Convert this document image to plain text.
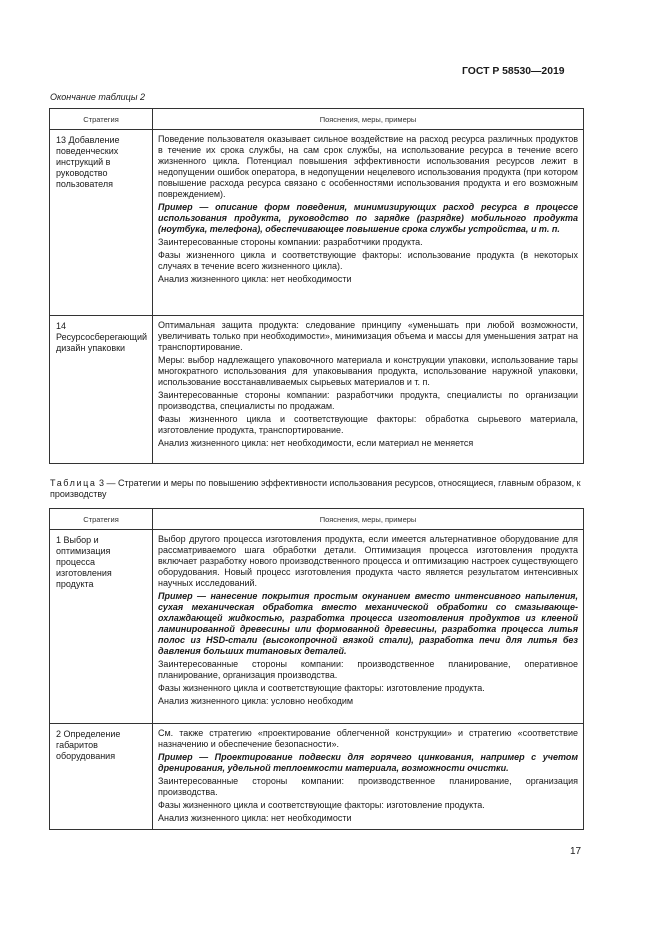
ГОСТ Р 58530—2019
Окончание таблицы 2
Стратегия	Пояснения, меры, примеры
13 Добавление поведенческих инструкций в руководство пользователя	Поведение пользователя оказывает сильное воздействие на расход ресурса различных продуктов в течение их срока службы, на сам срок службы, на использование ресурса в течение всего жизненного цикла. Потенциал повышения эффективности использования ресурсов лежит в недопущении ошибок оператора, в недопущении нецелевого использования продукта (при котором повышение расхода ресурса связано с особенностями использования продукта и его возможным повреждением).

Пример — описание форм поведения, минимизирующих расход ресурса в процессе использования продукта, руководство по зарядке (разрядке) мобильного продукта (ноутбука, телефона), обеспечивающее повышение срока службы устройства, и т. п.

Заинтересованные стороны компании: разработчики продукта.

Фазы жизненного цикла и соответствующие факторы: использование продукта (в некоторых случаях в течение всего жизненного цикла).

Анализ жизненного цикла: нет необходимости

14 Ресурсосберегающий дизайн упаковки	Оптимальная защита продукта: следование принципу «уменьшать при любой возможности, увеличивать только при необходимости», минимизация объема и массы для уменьшения затрат на транспортирование.

Меры: выбор надлежащего упаковочного материала и конструкции упаковки, использование тары многократного использования для упаковывания продукта, использование наружной упаковки, использование восстанавливаемых сырьевых материалов и т. п.

Заинтересованные стороны компании: разработчики продукта, специалисты по организации производства, специалисты по продажам.

Фазы жизненного цикла и соответствующие факторы: обработка сырьевого материала, изготовление продукта, транспортирование.

Анализ жизненного цикла: нет необходимости, если материал не меняется

Таблица 3 — Стратегии и меры по повышению эффективности использования ресурсов, относящиеся, главным образом, к производству
Стратегия	Пояснения, меры, примеры
1 Выбор и оптимизация процесса изготовления продукта	Выбор другого процесса изготовления продукта, если имеется альтернативное оборудование для рассматриваемого шага обработки детали. Оптимизация процесса изготовления продукта включает разработку нового производственного процесса и оптимизацию настроек существующего оборудования. Новый процесс изготовления продукта часто является результатом интенсивных научных исследований.

Пример — нанесение покрытия простым окунанием вместо интенсивного напыления, сухая механическая обработка вместо механической обработки со смазывающе-охлаждающей жидкостью, разработка процесса изготовления продуктов из клееной ламинированной древесины или формованной древесины, разработка процесса литья полос из HSD-стали (высокопрочной вязкой стали), разработка печи для литья без давления больших титановых деталей.

Заинтересованные стороны компании: производственное планирование, оперативное планирование, организация производства.

Фазы жизненного цикла и соответствующие факторы: изготовление продукта.

Анализ жизненного цикла: условно необходим

2 Определение габаритов оборудования	См. также стратегию «проектирование облегченной конструкции» и стратегию «соответствие назначению и обеспечение безопасности».

Пример — Проектирование подвески для горячего цинкования, например с учетом дренирования, удельной теплоемкости материала, возможности очистки.

Заинтересованные стороны компании: производственное планирование, организация производства.

Фазы жизненного цикла и соответствующие факторы: изготовление продукта.

Анализ жизненного цикла: нет необходимости

17
